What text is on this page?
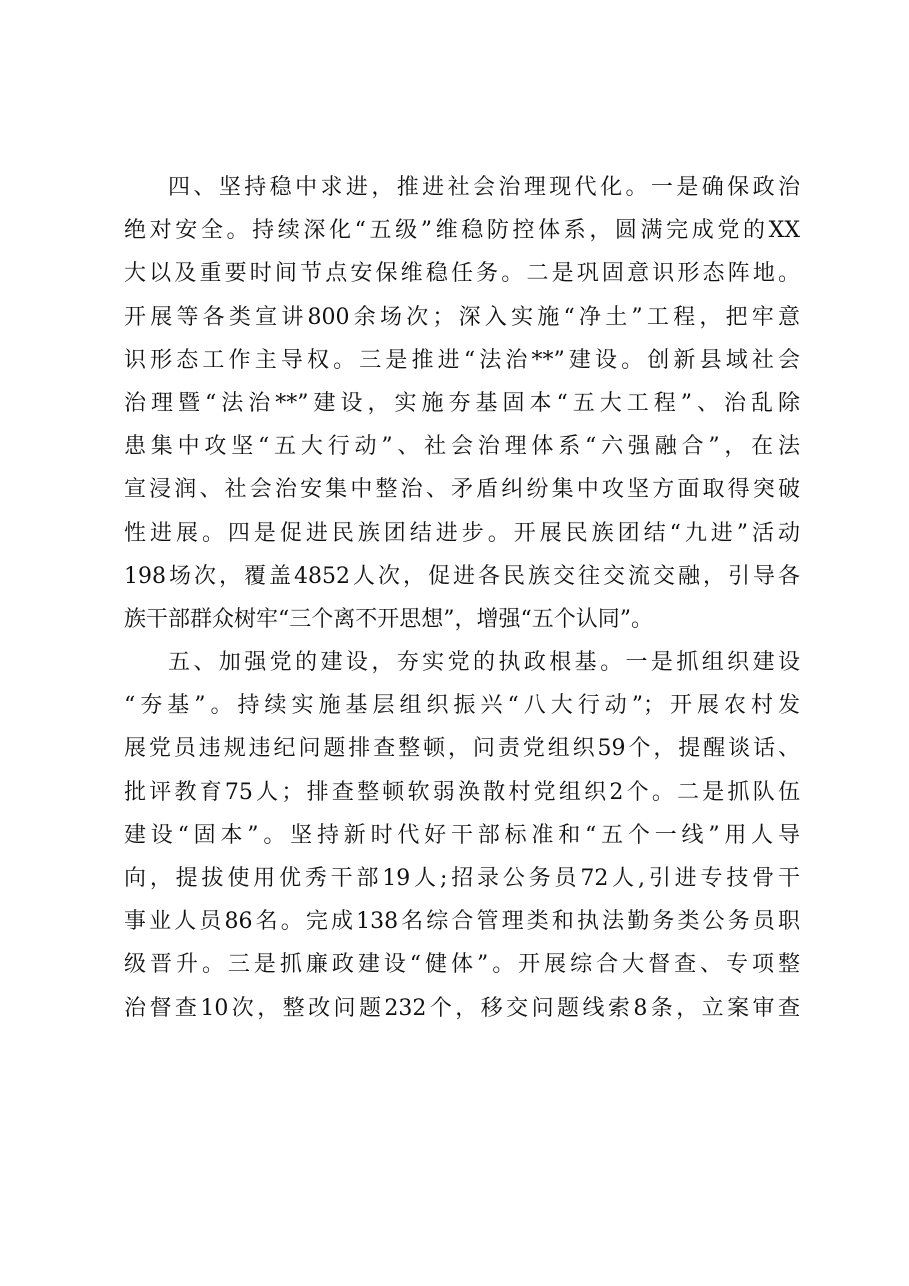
四、坚持稳中求进，推进社会治理现代化。一是确保政治
绝对安全。持续深化“五级”维稳防控体系，圆满完成党的XX
大以及重要时间节点安保维稳任务。二是巩固意识形态阵地。
开展等各类宣讲800余场次；深入实施“净土”工程，把牢意
识形态工作主导权。三是推进“法治**”建设。创新县域社会
治理暨“法治**”建设，实施夯基固本“五大工程”、治乱除
患集中攻坚“五大行动”、社会治理体系“六强融合”，在法
宣浸润、社会治安集中整治、矛盾纠纷集中攻坚方面取得突破
性进展。四是促进民族团结进步。开展民族团结“九进”活动
198场次，覆盖4852人次，促进各民族交往交流交融，引导各
族干部群众树牢“三个离不开思想”，增强“五个认同”。
五、加强党的建设，夯实党的执政根基。一是抓组织建设
“夯基”。持续实施基层组织振兴“八大行动”；开展农村发
展党员违规违纪问题排查整顿，问责党组织59个，提醒谈话、
批评教育75人；排查整顿软弱涣散村党组织2个。二是抓队伍
建设“固本”。坚持新时代好干部标准和“五个一线”用人导
向，提拔使用优秀干部19人;招录公务员72人,引进专技骨干
事业人员86名。完成138名综合管理类和执法勤务类公务员职
级晋升。三是抓廉政建设“健体”。开展综合大督查、专项整
治督查10次，整改问题232个，移交问题线索8条，立案审查
